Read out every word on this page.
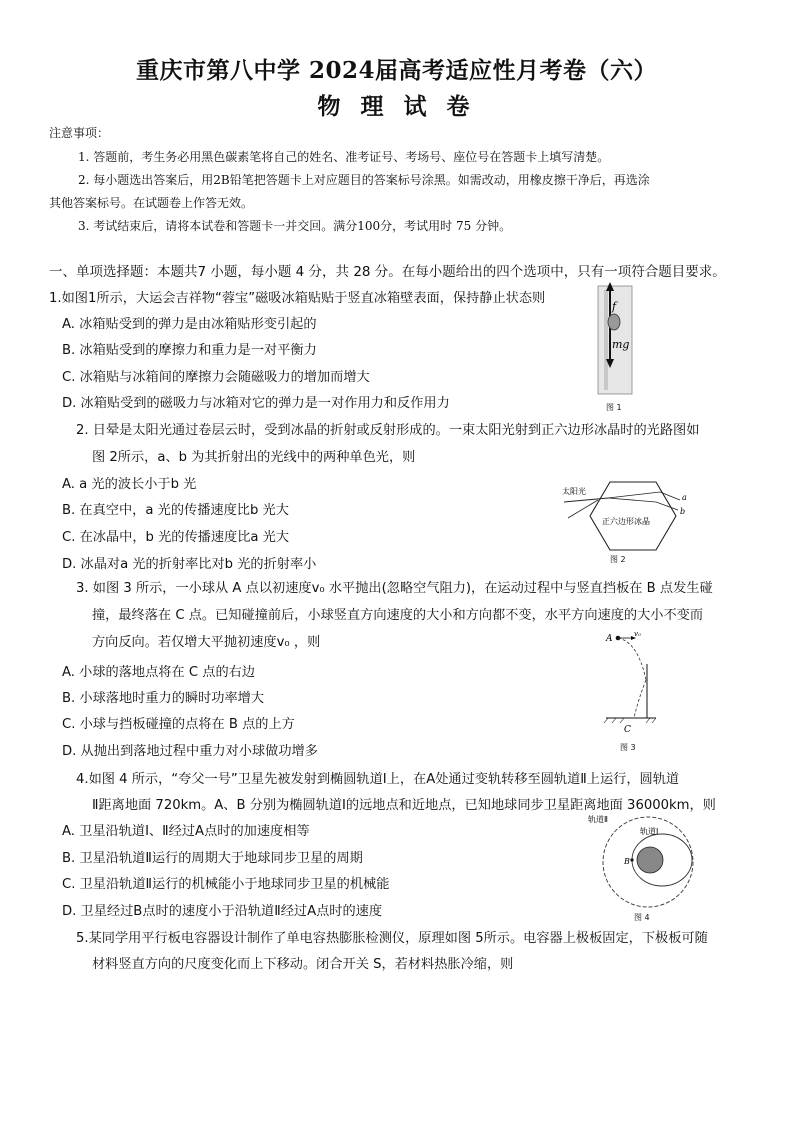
重庆市第八中学 2024届高考适应性月考卷（六）
物 理 试 卷
注意事项：
1. 答题前，考生务必用黑色碳素笔将自己的姓名、准考证号、考场号、座位号在答题卡上填写清楚。
2. 每小题选出答案后，用2B铅笔把答题卡上对应题目的答案标号涂黑。如需改动，用橡皮擦干净后，再选涂
其他答案标号。在试题卷上作答无效。
3. 考试结束后，请将本试卷和答题卡一并交回。满分100分，考试用时 75 分钟。
一、单项选择题：本题共7 小题，每小题 4 分，共 28 分。在每小题给出的四个选项中，只有一项符合题目要求。
1.如图1所示，大运会吉祥物“蓉宝”磁吸冰箱贴贴于竖直冰箱壁表面，保持静止状态则
A. 冰箱贴受到的弹力是由冰箱贴形变引起的
B. 冰箱贴受到的摩擦力和重力是一对平衡力
C. 冰箱贴与冰箱间的摩擦力会随磁吸力的增加而增大
D. 冰箱贴受到的磁吸力与冰箱对它的弹力是一对作用力和反作用力
f
mg
图 1
2. 日晕是太阳光通过卷层云时，受到冰晶的折射或反射形成的。一束太阳光射到正六边形冰晶时的光路图如
图 2所示，a、b 为其折射出的光线中的两种单色光，则
A. a 光的波长小于b 光
B. 在真空中，a 光的传播速度比b 光大
C. 在冰晶中，b 光的传播速度比a 光大
D. 冰晶对a 光的折射率比对b 光的折射率小
太阳光
正六边形冰晶
a
b
图 2
3. 如图 3 所示，一小球从 A 点以初速度v₀ 水平抛出(忽略空气阻力)，在运动过程中与竖直挡板在 B 点发生碰
撞，最终落在 C 点。已知碰撞前后，小球竖直方向速度的大小和方向都不变，水平方向速度的大小不变而
方向反向。若仅增大平抛初速度v₀ ，则
A. 小球的落地点将在 C 点的右边
B. 小球落地时重力的瞬时功率增大
C. 小球与挡板碰撞的点将在 B 点的上方
D. 从抛出到落地过程中重力对小球做功增多
A	v₀
C
图 3
4.如图 4 所示，“夸父一号”卫星先被发射到椭圆轨道Ⅰ上，在A处通过变轨转移至圆轨道Ⅱ上运行，圆轨道
Ⅱ距离地面 720km。A、B 分别为椭圆轨道Ⅰ的远地点和近地点，已知地球同步卫星距离地面 36000km，则
A. 卫星沿轨道Ⅰ、Ⅱ经过A点时的加速度相等
B. 卫星沿轨道Ⅱ运行的周期大于地球同步卫星的周期
C. 卫星沿轨道Ⅱ运行的机械能小于地球同步卫星的机械能
D. 卫星经过B点时的速度小于沿轨道Ⅱ经过A点时的速度
轨道Ⅱ
轨道Ⅰ
B
图 4
5.某同学用平行板电容器设计制作了单电容热膨胀检测仪，原理如图 5所示。电容器上极板固定，下极板可随
材料竖直方向的尺度变化而上下移动。闭合开关 S，若材料热胀冷缩，则
